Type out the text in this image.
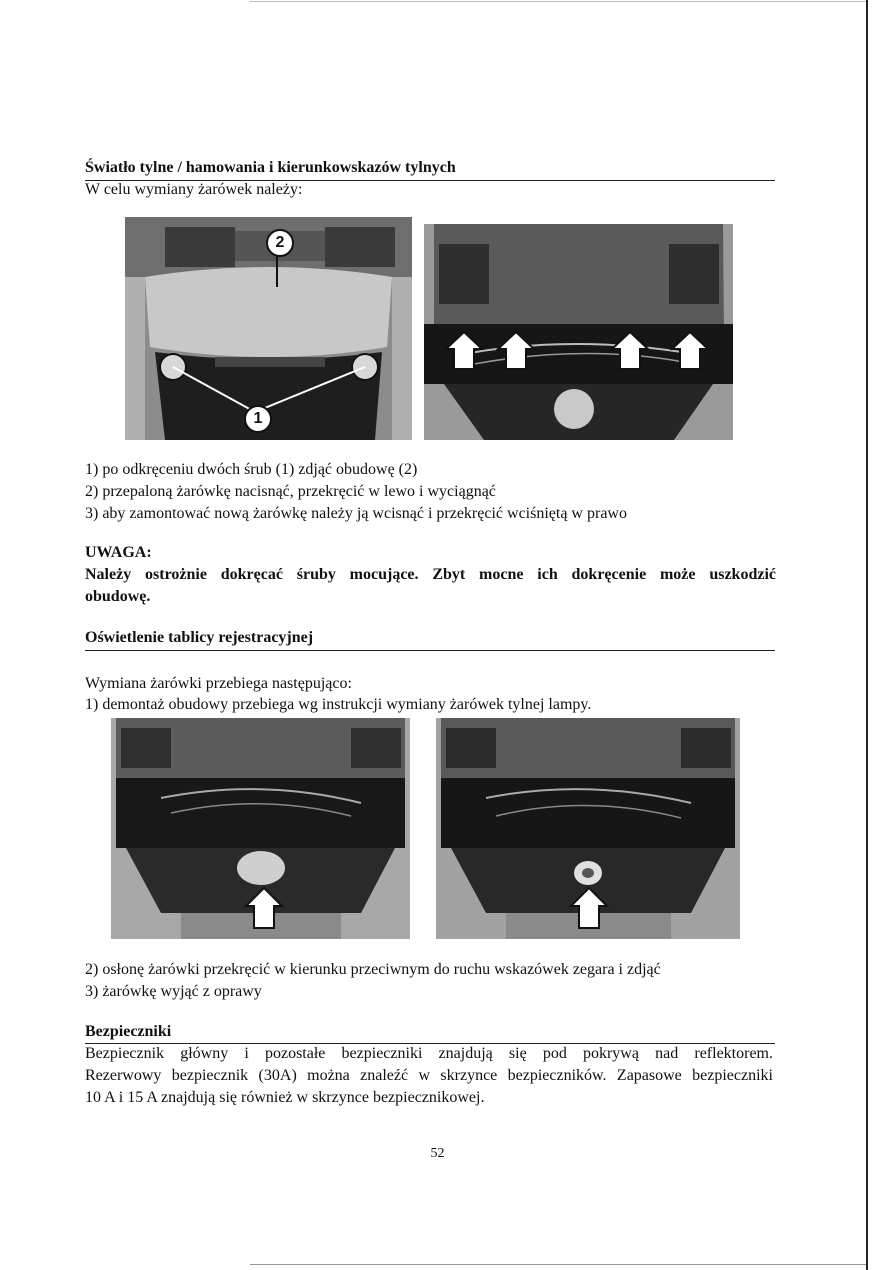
Światło tylne / hamowania i kierunkowskazów tylnych
W celu wymiany żarówek należy:
2
1
1) po odkręceniu dwóch śrub (1) zdjąć obudowę (2)
2) przepaloną żarówkę nacisnąć, przekręcić w lewo i wyciągnąć
3) aby zamontować nową żarówkę należy ją wcisnąć i przekręcić wciśniętą w prawo
UWAGA:
Należy ostrożnie dokręcać śruby mocujące. Zbyt mocne ich dokręcenie może uszkodzić
obudowę.
Oświetlenie tablicy rejestracyjnej
Wymiana żarówki przebiega następująco:
1) demontaż obudowy przebiega wg instrukcji wymiany żarówek tylnej lampy.
2) osłonę żarówki przekręcić w kierunku przeciwnym do ruchu wskazówek zegara i zdjąć
3) żarówkę wyjąć z oprawy
Bezpieczniki
Bezpiecznik główny i pozostałe bezpieczniki znajdują się pod pokrywą nad reflektorem.
Rezerwowy bezpiecznik (30A) można znaleźć w skrzynce bezpieczników. Zapasowe bezpieczniki
10 A i 15 A znajdują się również w skrzynce bezpiecznikowej.
52
